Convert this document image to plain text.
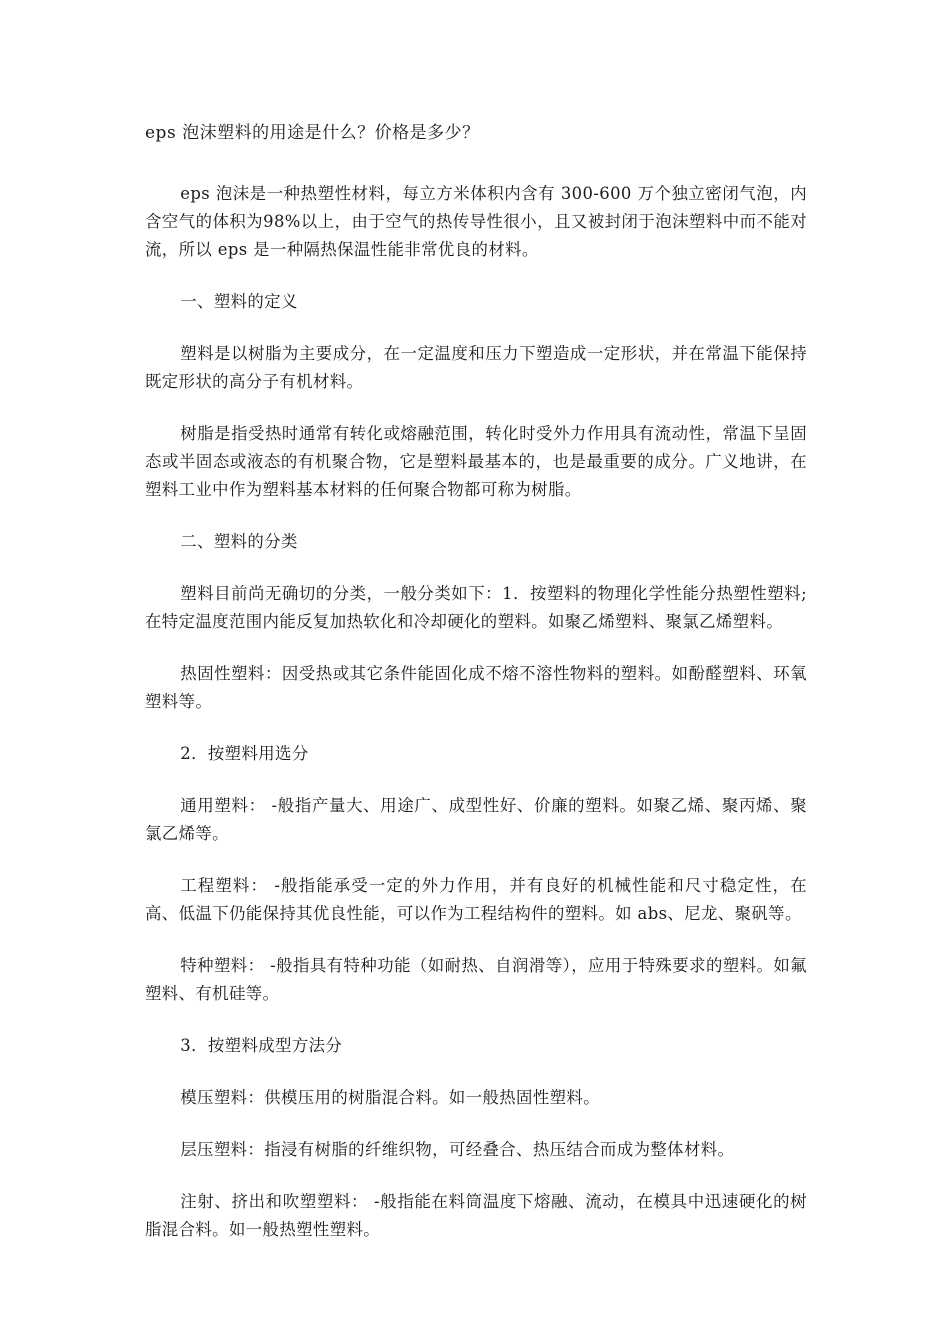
eps 泡沫塑料的用途是什么？价格是多少？

eps 泡沫是一种热塑性材料，每立方米体积内含有 300-600 万个独立密闭气泡，内含空气的体积为98%以上，由于空气的热传导性很小，且又被封闭于泡沫塑料中而不能对流，所以 eps 是一种隔热保温性能非常优良的材料。

一、塑料的定义

塑料是以树脂为主要成分，在一定温度和压力下塑造成一定形状，并在常温下能保持既定形状的高分子有机材料。

树脂是指受热时通常有转化或熔融范围，转化时受外力作用具有流动性，常温下呈固态或半固态或液态的有机聚合物，它是塑料最基本的，也是最重要的成分。广义地讲，在塑料工业中作为塑料基本材料的任何聚合物都可称为树脂。

二、塑料的分类

塑料目前尚无确切的分类，一般分类如下：1．按塑料的物理化学性能分热塑性塑料;在特定温度范围内能反复加热软化和冷却硬化的塑料。如聚乙烯塑料、聚氯乙烯塑料。

热固性塑料：因受热或其它条件能固化成不熔不溶性物料的塑料。如酚醛塑料、环氧塑料等。

2．按塑料用选分

通用塑料： -般指产量大、用途广、成型性好、价廉的塑料。如聚乙烯、聚丙烯、聚氯乙烯等。

工程塑料： -般指能承受一定的外力作用，并有良好的机械性能和尺寸稳定性，在高、低温下仍能保持其优良性能，可以作为工程结构件的塑料。如 abs、尼龙、聚矾等。

特种塑料： -般指具有特种功能（如耐热、自润滑等），应用于特殊要求的塑料。如氟塑料、有机硅等。

3．按塑料成型方法分

模压塑料：供模压用的树脂混合料。如一般热固性塑料。

层压塑料：指浸有树脂的纤维织物，可经叠合、热压结合而成为整体材料。

注射、挤出和吹塑塑料： -般指能在料筒温度下熔融、流动，在模具中迅速硬化的树脂混合料。如一般热塑性塑料。
